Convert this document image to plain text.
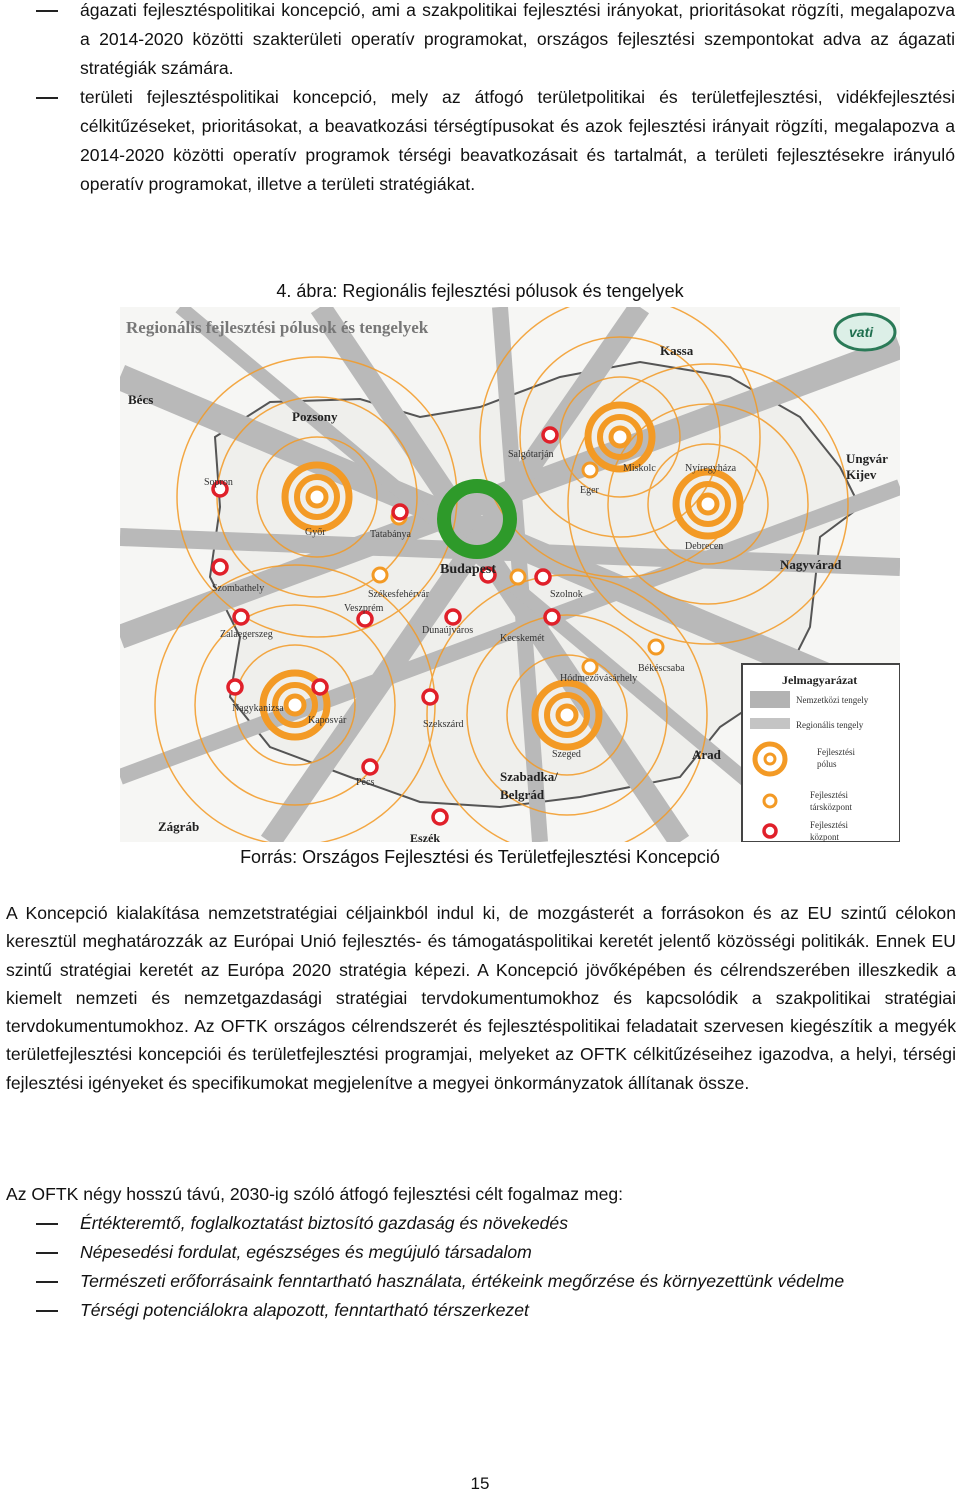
ágazati fejlesztéspolitikai koncepció, ami a szakpolitikai fejlesztési irányokat, prioritásokat rögzíti, megalapozva a 2014-2020 közötti szakterületi operatív programokat, országos fejlesztési szempontokat adva az ágazati stratégiák számára.
területi fejlesztéspolitikai koncepció, mely az átfogó területpolitikai és területfejlesztési, vidékfejlesztési célkitűzéseket, prioritásokat, a beavatkozási térségtípusokat és azok fejlesztési irányait rögzíti, megalapozva a 2014-2020 közötti operatív programok térségi beavatkozásait és tartalmát, a területi fejlesztésekre irányuló operatív programokat, illetve a területi stratégiákat.
4. ábra: Regionális fejlesztési pólusok és tengelyek
Regionális fejlesztési pólusok és tengelyek	vati
Bécs
Pozsony
Kassa
Ungvár
Kijev
Sopron
Győr	Tatabánya
Salgótarján
Eger
Miskolc	Nyíregyháza
Debrecen
Nagyvárad
Budapest
Szombathely
Székesfehérvár
Veszprém
Szolnok
Zalaegerszeg	Dunaújváros
Kecskemét
Békéscsaba
Hódmezővásárhely
Nagykanizsa
Kaposvár	Szekszárd
Szeged	Arad
Pécs	Szabadka/
Belgrád
Zágráb
Eszék
Jelmagyarázat
Nemzetközi tengely
Regionális tengely
Fejlesztési
pólus
Fejlesztési
társközpont
Fejlesztési
központ
Forrás: Országos Fejlesztési és Területfejlesztési Koncepció

A Koncepció kialakítása nemzetstratégiai céljainkból indul ki, de mozgásterét a forrásokon és az EU szintű célokon keresztül meghatározzák az Európai Unió fejlesztés- és támogatáspolitikai keretét jelentő közösségi politikák. Ennek EU szintű stratégiai keretét az Európa 2020 stratégia képezi. A Koncepció jövőképében és célrendszerében illeszkedik a kiemelt nemzeti és nemzetgazdasági stratégiai tervdokumentumokhoz és kapcsolódik a szakpolitikai stratégiai tervdokumentumokhoz. Az OFTK országos célrendszerét és fejlesztéspolitikai feladatait szervesen kiegészítik a megyék területfejlesztési koncepciói és területfejlesztési programjai, melyeket az OFTK célkitűzéseihez igazodva, a helyi, térségi fejlesztési igényeket és specifikumokat megjelenítve a megyei önkormányzatok állítanak össze.

Az OFTK négy hosszú távú, 2030-ig szóló átfogó fejlesztési célt fogalmaz meg:

Értékteremtő, foglalkoztatást biztosító gazdaság és növekedés
Népesedési fordulat, egészséges és megújuló társadalom
Természeti erőforrásaink fenntartható használata, értékeink megőrzése és környezettünk védelme
Térségi potenciálokra alapozott, fenntartható térszerkezet
15
